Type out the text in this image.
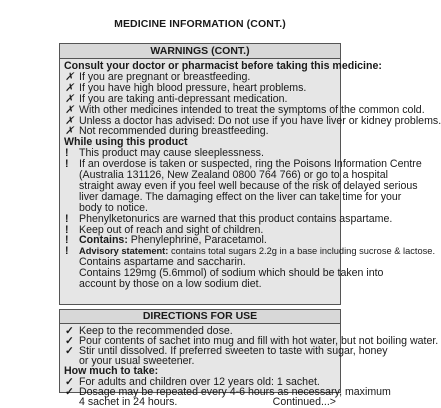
MEDICINE INFORMATION (CONT.)
WARNINGS (CONT.)
Consult your doctor or pharmacist before taking this medicine:
✗ If you are pregnant or breastfeeding.
✗ If you have high blood pressure, heart problems.
✗ If you are taking anti-depressant medication.
✗ With other medicines intended to treat the symptoms of the common cold.
✗ Unless a doctor has advised: Do not use if you have liver or kidney problems.
✗ Not recommended during breastfeeding.
While using this product
! This product may cause sleeplessness.
! If an overdose is taken or suspected, ring the Poisons Information Centre
(Australia 131126, New Zealand 0800 764 766) or go to a hospital
straight away even if you feel well because of the risk of delayed serious
liver damage. The damaging effect on the liver can take time for your
body to notice.
! Phenylketonurics are warned that this product contains aspartame.
! Keep out of reach and sight of children.
! Contains: Phenylephrine, Paracetamol.
!	Advisory statement: contains total sugars 2.2g in a base including sucrose & lactose.
Contains aspartame and saccharin.
Contains 129mg (5.6mmol) of sodium which should be taken into
account by those on a low sodium diet.
DIRECTIONS FOR USE
✓ Keep to the recommended dose.
✓ Pour contents of sachet into mug and fill with hot water, but not boiling water.
✓ Stir until dissolved. If preferred sweeten to taste with sugar, honey
or your usual sweetener.
How much to take:
✓ For adults and children over 12 years old: 1 sachet.
✓ Dosage may be repeated every 4-6 hours as necessary, maximum
4 sachet in 24 hours.	Continued...>
